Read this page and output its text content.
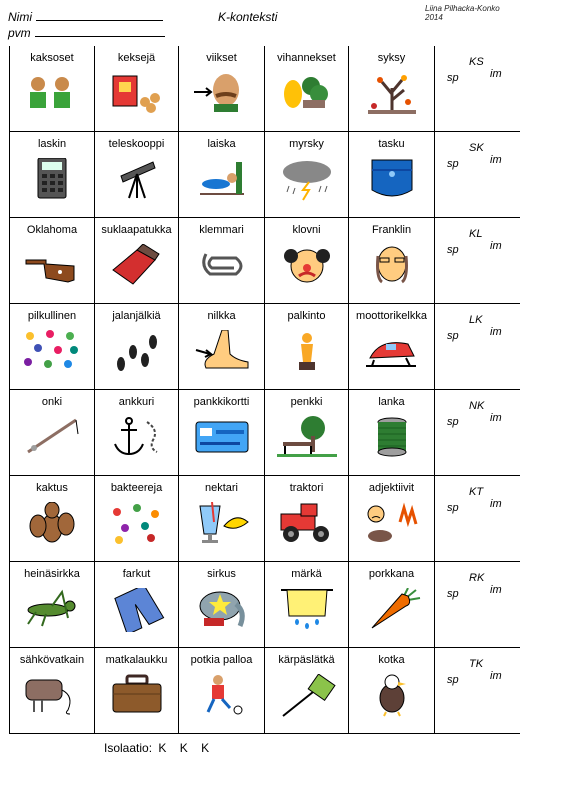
Nimi
pvm
K-konteksti
Liina Pilhacka-Konko
2014
kaksoset	keksejä	viikset	vihannekset	syksy	KS
sp	im
laskin	teleskooppi	laiska	myrsky	tasku	SK
sp	im
Oklahoma	suklaapatukka	klemmari	klovni	Franklin	KL
sp	im
pilkullinen	jalanjälkiä	nilkka	palkinto	moottorikelkka	LK
sp	im
onki	ankkuri	pankkikortti	penkki	lanka	NK
sp	im
kaktus	bakteereja	nektari	traktori	adjektiivit	KT
sp	im
heinäsirkka	farkut	sirkus	märkä	porkkana	RK
sp	im
sähkövatkain	matkalaukku	potkia palloa	kärpäslätkä	kotka	TK
sp	im
Isolaatio: K K K
